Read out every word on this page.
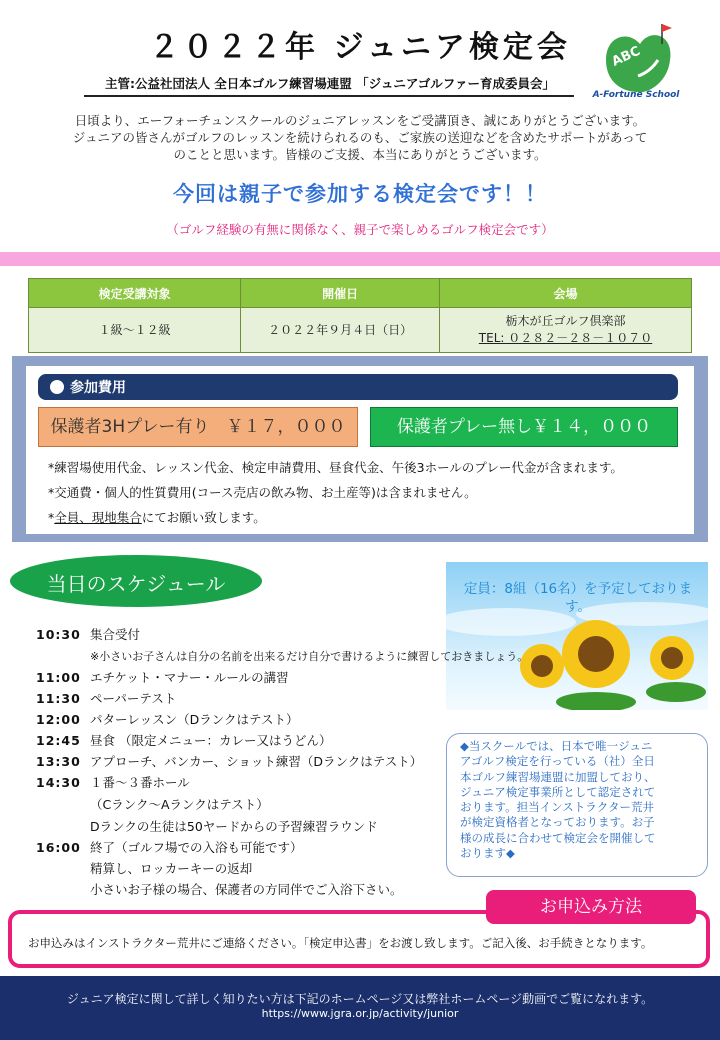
２０２２年 ジュニア検定会
主管:公益社団法人 全日本ゴルフ練習場連盟 「ジュニアゴルファー育成委員会」
ABC
A-Fortune School
日頃より、エーフォーチュンスクールのジュニアレッスンをご受講頂き、誠にありがとうございます。
ジュニアの皆さんがゴルフのレッスンを続けられるのも、ご家族の送迎などを含めたサポートがあって
のことと思います。皆様のご支援、本当にありがとうございます。
今回は親子で参加する検定会です！！
（ゴルフ経験の有無に関係なく、親子で楽しめるゴルフ検定会です）
検定受講対象	開催日	会場
１級～１２級	２０２２年９月４日（日）	栃木が丘ゴルフ倶楽部
TEL: ０２８２－２８－１０７０
参加費用
保護者3Hプレー有り　￥１７，０００	保護者プレー無し￥１４，０００
*練習場使用代金、レッスン代金、検定申請費用、昼食代金、午後3ホールのプレー代金が含まれます。
*交通費・個人的性質費用(コース売店の飲み物、お土産等)は含まれません。
*全員、現地集合にてお願い致します。
当日のスケジュール	定員：8組（16名）を予定しております。
10:30 集合受付
※小さいお子さんは自分の名前を出来るだけ自分で書けるように練習しておきましょう。
11:00 エチケット・マナー・ルールの講習
11:30 ペーパーテスト
12:00 パターレッスン（Dランクはテスト）
12:45 昼食 （限定メニュー：カレー又はうどん）
13:30 アプローチ、バンカー、ショット練習（Dランクはテスト）
14:30 １番～３番ホール
（Cランク～Aランクはテスト）
Dランクの生徒は50ヤードからの予習練習ラウンド
16:00 終了（ゴルフ場での入浴も可能です）
精算し、ロッカーキーの返却
小さいお子様の場合、保護者の方同伴でご入浴下さい。
◆当スクールでは、日本で唯一ジュニ
アゴルフ検定を行っている（社）全日
本ゴルフ練習場連盟に加盟しており、
ジュニア検定事業所として認定されて
おります。担当インストラクター荒井
が検定資格者となっております。お子
様の成長に合わせて検定会を開催して
おります◆
お申込み方法
お申込みはインストラクター荒井にご連絡ください。「検定申込書」をお渡し致します。ご記入後、お手続きとなります。
ジュニア検定に関して詳しく知りたい方は下記のホームページ又は弊社ホームページ動画でご覧になれます。
https://www.jgra.or.jp/activity/junior
